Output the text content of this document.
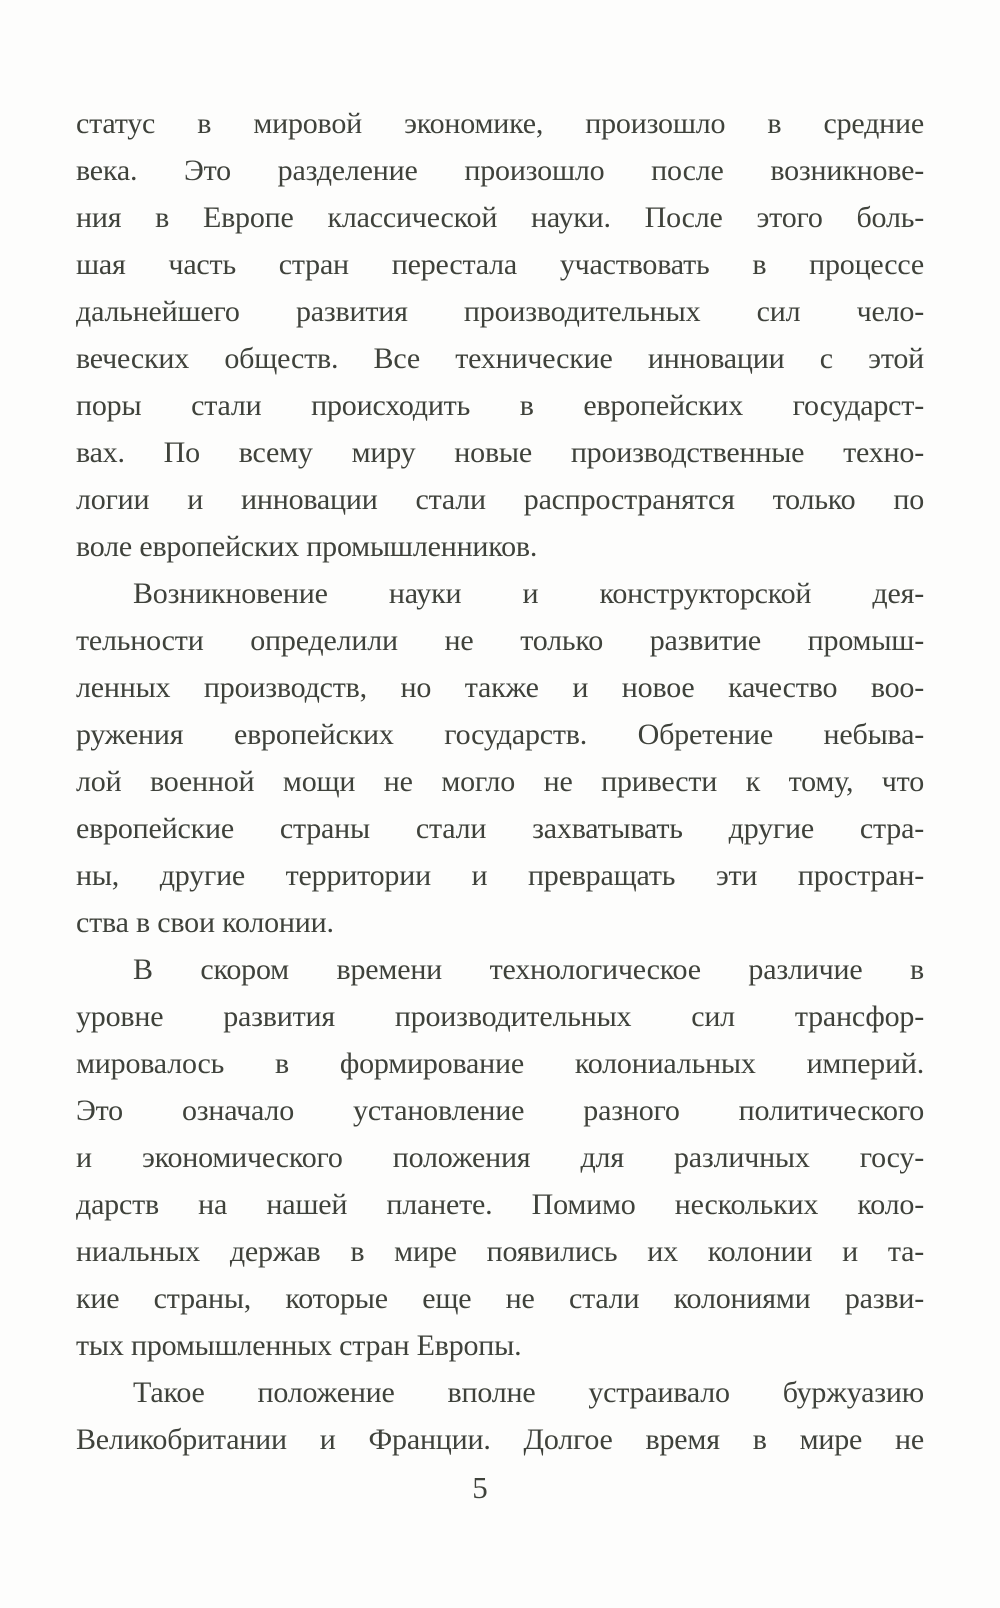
статус в мировой экономике, произошло в средние
века. Это разделение произошло после возникнове-
ния в Европе классической науки. После этого боль-
шая часть стран перестала участвовать в процессе
дальнейшего развития производительных сил чело-
веческих обществ. Все технические инновации с этой
поры стали происходить в европейских государст-
вах. По всему миру новые производственные техно-
логии и инновации стали распространятся только по
воле европейских промышленников.

Возникновение науки и конструкторской дея-
тельности определили не только развитие промыш-
ленных производств, но также и новое качество воо-
ружения европейских государств. Обретение небыва-
лой военной мощи не могло не привести к тому, что
европейские страны стали захватывать другие стра-
ны, другие территории и превращать эти простран-
ства в свои колонии.

В скором времени технологическое различие в
уровне развития производительных сил трансфор-
мировалось в формирование колониальных империй.
Это означало установление разного политического
и экономического положения для различных госу-
дарств на нашей планете. Помимо нескольких коло-
ниальных держав в мире появились их колонии и та-
кие страны, которые еще не стали колониями разви-
тых промышленных стран Европы.

Такое положение вполне устраивало буржуазию
Великобритании и Франции. Долгое время в мире не

5
